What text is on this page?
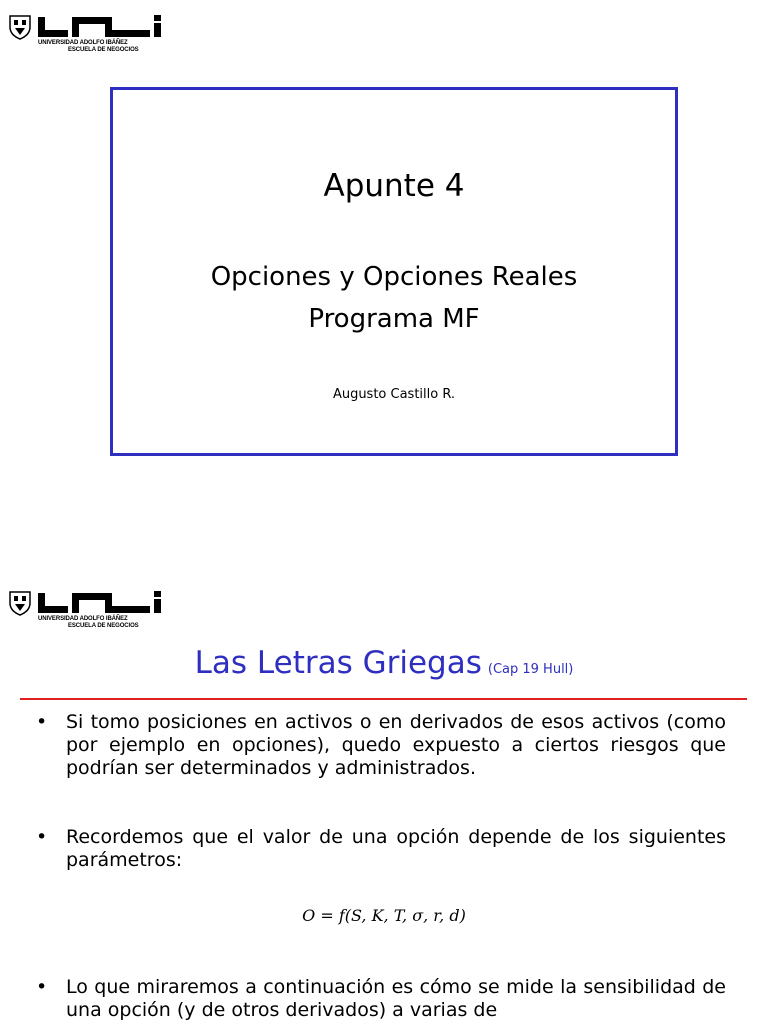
UNIVERSIDAD ADOLFO IBÁÑEZ
ESCUELA DE NEGOCIOS
Apunte 4
Opciones y Opciones Reales
Programa MF
Augusto Castillo R.
UNIVERSIDAD ADOLFO IBÁÑEZ
ESCUELA DE NEGOCIOS
Las Letras Griegas (Cap 19 Hull)
• Si tomo posiciones en activos o en derivados de esos activos (como por ejemplo en opciones), quedo expuesto a ciertos riesgos que podrían ser determinados y administrados.
• Recordemos que el valor de una opción depende de los siguientes parámetros:
O = f(S, K, T, σ, r, d)
• Lo que miraremos a continuación es cómo se mide la sensibilidad de una opción (y de otros derivados) a varias de
